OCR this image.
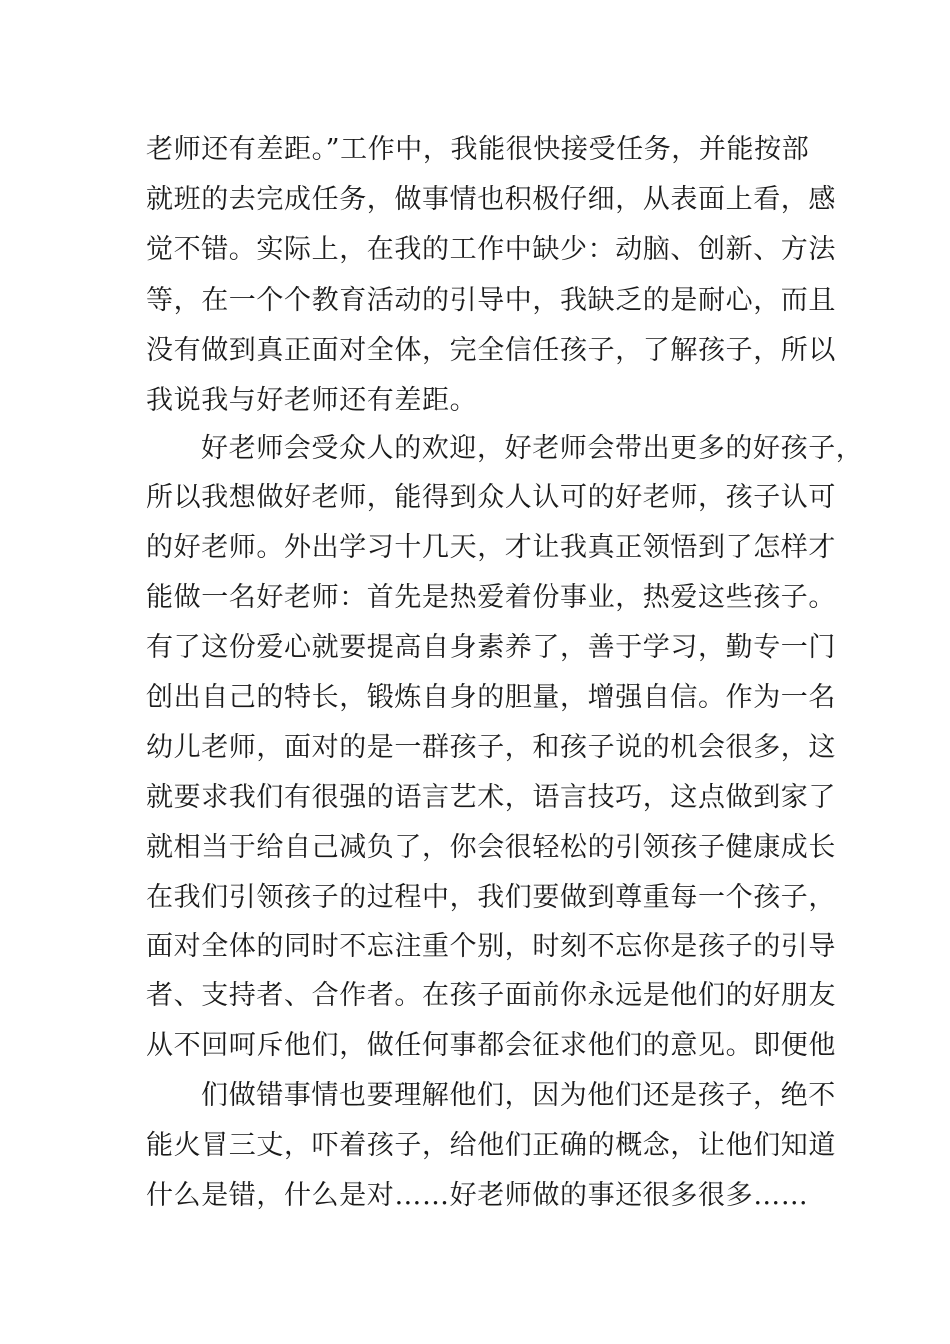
老师还有差距。”工作中，我能很快接受任务，并能按部
就班的去完成任务，做事情也积极仔细，从表面上看，感
觉不错。实际上，在我的工作中缺少：动脑、创新、方法
等，在一个个教育活动的引导中，我缺乏的是耐心，而且
没有做到真正面对全体，完全信任孩子，了解孩子，所以
我说我与好老师还有差距。
好老师会受众人的欢迎，好老师会带出更多的好孩子，
所以我想做好老师，能得到众人认可的好老师，孩子认可
的好老师。外出学习十几天，才让我真正领悟到了怎样才
能做一名好老师：首先是热爱着份事业，热爱这些孩子。
有了这份爱心就要提高自身素养了，善于学习，勤专一门
创出自己的特长，锻炼自身的胆量，增强自信。作为一名
幼儿老师，面对的是一群孩子，和孩子说的机会很多，这
就要求我们有很强的语言艺术，语言技巧，这点做到家了
就相当于给自己减负了，你会很轻松的引领孩子健康成长
在我们引领孩子的过程中，我们要做到尊重每一个孩子，
面对全体的同时不忘注重个别，时刻不忘你是孩子的引导
者、支持者、合作者。在孩子面前你永远是他们的好朋友
从不回呵斥他们，做任何事都会征求他们的意见。即便他
们做错事情也要理解他们，因为他们还是孩子，绝不
能火冒三丈，吓着孩子，给他们正确的概念，让他们知道
什么是错，什么是对……好老师做的事还很多很多……
